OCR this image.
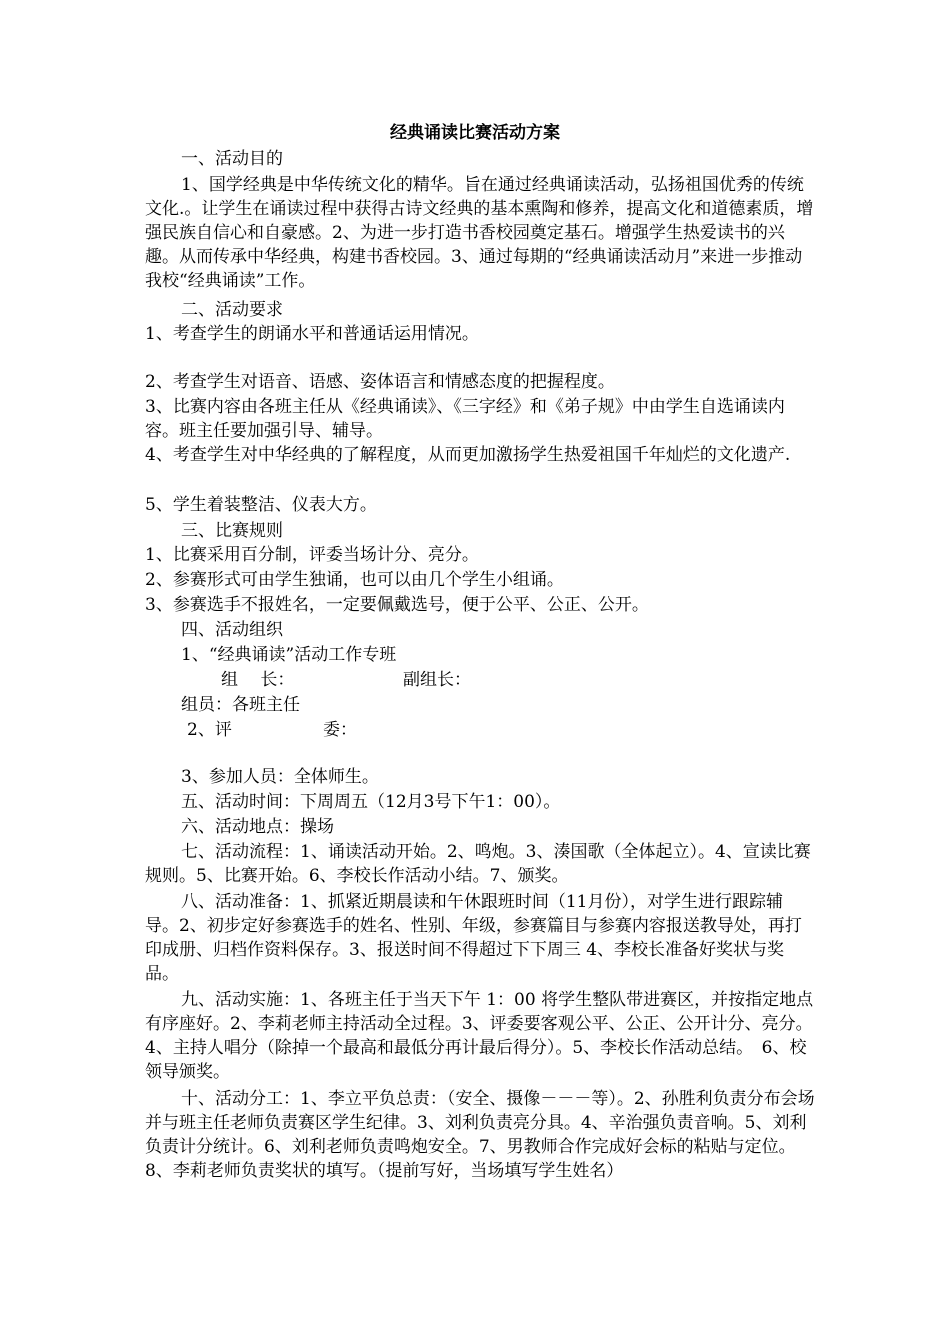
经典诵读比赛活动方案

一、活动目的

1、国学经典是中华传统文化的精华。旨在通过经典诵读活动，弘扬祖国优秀的传统文化.。让学生在诵读过程中获得古诗文经典的基本熏陶和修养，提高文化和道德素质，增强民族自信心和自豪感。2、为进一步打造书香校园奠定基石。增强学生热爱读书的兴趣。从而传承中华经典，构建书香校园。3、通过每期的“经典诵读活动月”来进一步推动我校“经典诵读”工作。

二、活动要求

1、考查学生的朗诵水平和普通话运用情况。

2、考查学生对语音、语感、姿体语言和情感态度的把握程度。

3、比赛内容由各班主任从《经典诵读》、《三字经》和《弟子规》中由学生自选诵读内容。班主任要加强引导、辅导。

4、考查学生对中华经典的了解程度，从而更加激扬学生热爱祖国千年灿烂的文化遗产.

5、学生着装整洁、仪表大方。

三、比赛规则

1、比赛采用百分制，评委当场计分、亮分。

2、参赛形式可由学生独诵，也可以由几个学生小组诵。

3、参赛选手不报姓名，一定要佩戴选号，便于公平、公正、公开。

四、活动组织

1、“经典诵读”活动工作专班

组　 长：	副组长：

组员：各班主任

2、评	委：

3、参加人员：全体师生。

五、活动时间：下周周五（12月3号下午1：00）。

六、活动地点：操场

七、活动流程：1、诵读活动开始。2、鸣炮。3、湊国歌（全体起立）。4、宣读比赛规则。5、比赛开始。6、李校长作活动小结。7、颁奖。

八、活动准备：1、抓紧近期晨读和午休跟班时间（11月份），对学生进行跟踪辅导。2、初步定好参赛选手的姓名、性别、年级，参赛篇目与参赛内容报送教导处，再打印成册、归档作资料保存。3、报送时间不得超过下下周三 4、李校长准备好奖状与奖品。

九、活动实施：1、各班主任于当天下午 1：00 将学生整队带进赛区，并按指定地点有序座好。2、李莉老师主持活动全过程。3、评委要客观公平、公正、公开计分、亮分。4、主持人唱分（除掉一个最高和最低分再计最后得分）。5、李校长作活动总结。　6、校领导颁奖。

十、活动分工：1、李立平负总责：（安全、摄像－－－等）。2、孙胜利负责分布会场并与班主任老师负责赛区学生纪律。3、刘利负责亮分具。4、辛治强负责音响。5、刘利负责计分统计。6、刘利老师负责鸣炮安全。7、男教师合作完成好会标的粘贴与定位。8、李莉老师负责奖状的填写。（提前写好，当场填写学生姓名）
